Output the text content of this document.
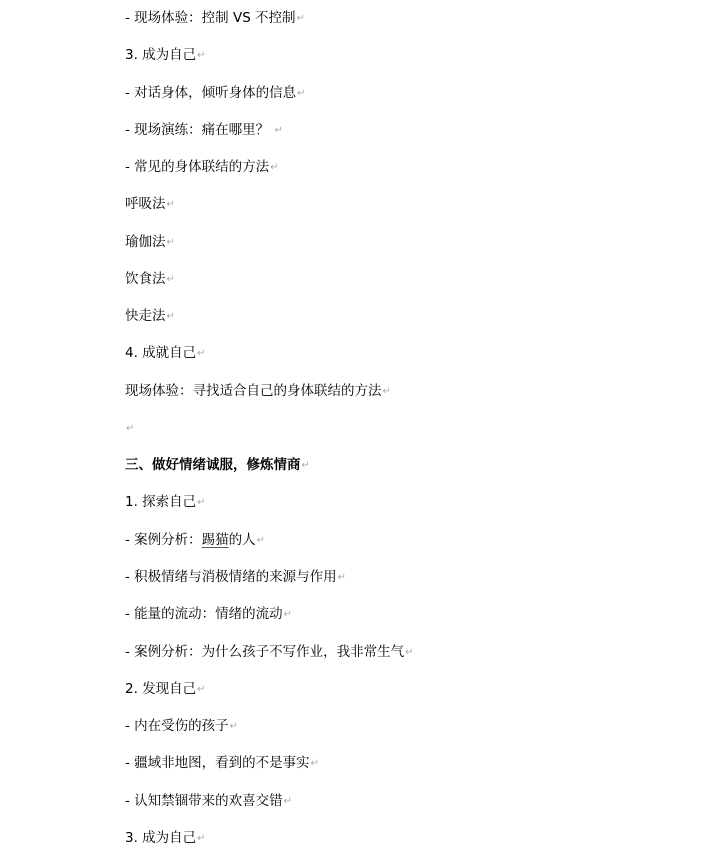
- 现场体验：控制 VS 不控制↵
3. 成为自己↵
- 对话身体，倾听身体的信息↵
- 现场演练：痛在哪里？ ↵
- 常见的身体联结的方法↵
呼吸法↵
瑜伽法↵
饮食法↵
快走法↵
4. 成就自己↵
现场体验：寻找适合自己的身体联结的方法↵
↵
三、做好情绪诚服，修炼情商↵
1. 探索自己↵
- 案例分析：踢猫的人↵
- 积极情绪与消极情绪的来源与作用↵
- 能量的流动：情绪的流动↵
- 案例分析：为什么孩子不写作业，我非常生气↵
2. 发现自己↵
- 内在受伤的孩子↵
- 疆域非地图，看到的不是事实↵
- 认知禁锢带来的欢喜交错↵
3. 成为自己↵
